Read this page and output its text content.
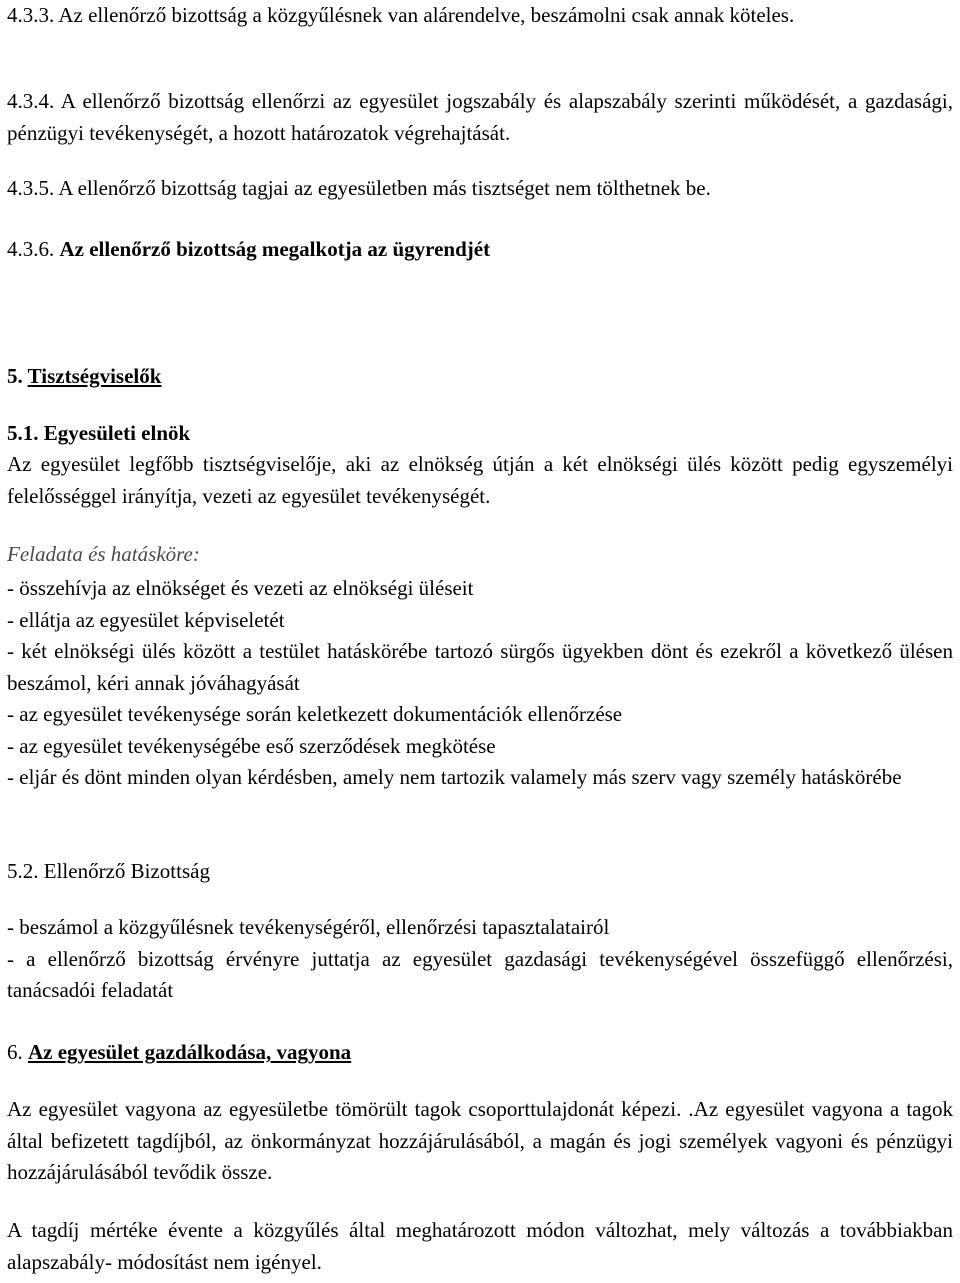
4.3.3. Az ellenőrző bizottság a közgyűlésnek van alárendelve, beszámolni csak annak köteles.

4.3.4. A ellenőrző bizottság ellenőrzi az egyesület jogszabály és alapszabály szerinti működését, a gazdasági, pénzügyi tevékenységét, a hozott határozatok végrehajtását.

4.3.5. A ellenőrző bizottság tagjai az egyesületben más tisztséget nem tölthetnek be.

4.3.6. Az ellenőrző bizottság megalkotja az ügyrendjét

5. Tisztségviselők

5.1. Egyesületi elnök

Az egyesület legfőbb tisztségviselője, aki az elnökség útján a két elnökségi ülés között pedig egyszemélyi felelősséggel irányítja, vezeti az egyesület tevékenységét.

Feladata és hatásköre:

- összehívja az elnökséget és vezeti az elnökségi üléseit

- ellátja az egyesület képviseletét

- két elnökségi ülés között a testület hatáskörébe tartozó sürgős ügyekben dönt és ezekről a következő ülésen beszámol, kéri annak jóváhagyását

- az egyesület tevékenysége során keletkezett dokumentációk ellenőrzése

- az egyesület tevékenységébe eső szerződések megkötése

- eljár és dönt minden olyan kérdésben, amely nem tartozik valamely más szerv vagy személy hatáskörébe

5.2. Ellenőrző Bizottság

- beszámol a közgyűlésnek tevékenységéről, ellenőrzési tapasztalatairól

- a ellenőrző bizottság érvényre juttatja az egyesület gazdasági tevékenységével összefüggő ellenőrzési, tanácsadói feladatát

6. Az egyesület gazdálkodása, vagyona

Az egyesület vagyona az egyesületbe tömörült tagok csoporttulajdonát képezi. .Az egyesület vagyona a tagok által befizetett tagdíjból, az önkormányzat hozzájárulásából, a magán és jogi személyek vagyoni és pénzügyi hozzájárulásából tevődik össze.

A tagdíj mértéke évente a közgyűlés által meghatározott módon változhat, mely változás a továbbiakban alapszabály- módosítást nem igényel.
